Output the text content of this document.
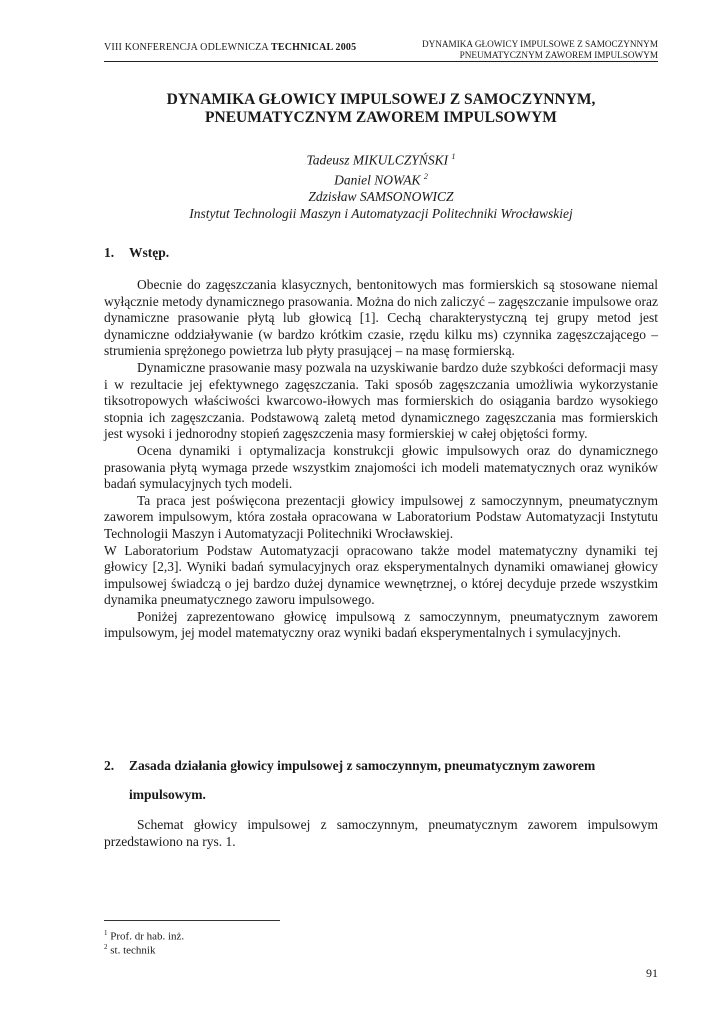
VIII KONFERENCJA ODLEWNICZA TECHNICAL 2005	DYNAMIKA GŁOWICY IMPULSOWE Z SAMOCZYNNYM
PNEUMATYCZNYM ZAWOREM IMPULSOWYM
DYNAMIKA GŁOWICY IMPULSOWEJ Z SAMOCZYNNYM,
PNEUMATYCZNYM ZAWOREM IMPULSOWYM
Tadeusz MIKULCZYŃSKI $^1$
Daniel NOWAK $^2$
Zdzisław SAMSONOWICZ
Instytut Technologii Maszyn i Automatyzacji Politechniki Wrocławskiej
1. Wstęp.

Obecnie do zagęszczania klasycznych, bentonitowych mas formierskich są stosowane niemal wyłącznie metody dynamicznego prasowania. Można do nich zaliczyć – zagęszczanie impulsowe oraz dynamiczne prasowanie płytą lub głowicą [1]. Cechą charakterystyczną tej grupy metod jest dynamiczne oddziaływanie (w bardzo krótkim czasie, rzędu kilku ms) czynnika zagęszczającego – strumienia sprężonego powietrza lub płyty prasującej – na masę formierską.

Dynamiczne prasowanie masy pozwala na uzyskiwanie bardzo duże szybkości deformacji masy i w rezultacie jej efektywnego zagęszczania. Taki sposób zagęszczania umożliwia wykorzystanie tiksotropowych właściwości kwarcowo-iłowych mas formierskich do osiągania bardzo wysokiego stopnia ich zagęszczania. Podstawową zaletą metod dynamicznego zagęszczania mas formierskich jest wysoki i jednorodny stopień zagęszczenia masy formierskiej w całej objętości formy.

Ocena dynamiki i optymalizacja konstrukcji głowic impulsowych oraz do dynamicznego prasowania płytą wymaga przede wszystkim znajomości ich modeli matematycznych oraz wyników badań symulacyjnych tych modeli.

Ta praca jest poświęcona prezentacji głowicy impulsowej z samoczynnym, pneumatycznym zaworem impulsowym, która została opracowana w Laboratorium Podstaw Automatyzacji Instytutu Technologii Maszyn i Automatyzacji Politechniki Wrocławskiej.

W Laboratorium Podstaw Automatyzacji opracowano także model matematyczny dynamiki tej głowicy [2,3]. Wyniki badań symulacyjnych oraz eksperymentalnych dynamiki omawianej głowicy impulsowej świadczą o jej bardzo dużej dynamice wewnętrznej, o której decyduje przede wszystkim dynamika pneumatycznego zaworu impulsowego.

Poniżej zaprezentowano głowicę impulsową z samoczynnym, pneumatycznym zaworem impulsowym, jej model matematyczny oraz wyniki badań eksperymentalnych i symulacyjnych.

2. Zasada działania głowicy impulsowej z samoczynnym, pneumatycznym zaworem
impulsowym.

Schemat głowicy impulsowej z samoczynnym, pneumatycznym zaworem impulsowym przedstawiono na rys. 1.

$^1$ Prof. dr hab. inż.
$^2$ st. technik
91
